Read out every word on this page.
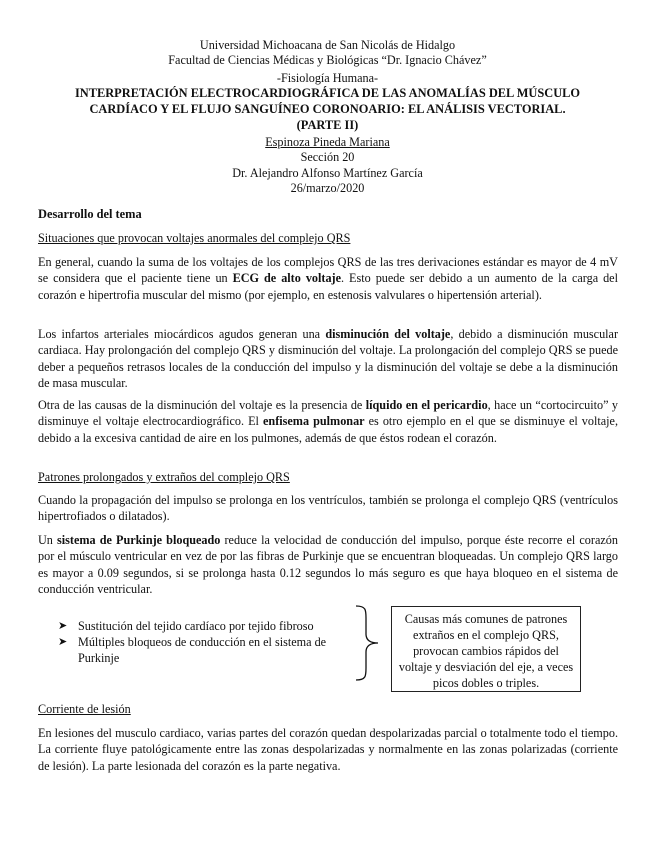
Universidad Michoacana de San Nicolás de Hidalgo
Facultad de Ciencias Médicas y Biológicas “Dr. Ignacio Chávez”
-Fisiología Humana-
INTERPRETACIÓN ELECTROCARDIOGRÁFICA DE LAS ANOMALÍAS DEL MÚSCULO
CARDÍACO Y EL FLUJO SANGUÍNEO CORONOARIO: EL ANÁLISIS VECTORIAL.
(PARTE II)
Espinoza Pineda Mariana
Sección 20
Dr. Alejandro Alfonso Martínez García
26/marzo/2020
Desarrollo del tema
Situaciones que provocan voltajes anormales del complejo QRS
En general, cuando la suma de los voltajes de los complejos QRS de las tres derivaciones estándar es mayor de 4 mV se considera que el paciente tiene un ECG de alto voltaje. Esto puede ser debido a un aumento de la carga del corazón e hipertrofia muscular del mismo (por ejemplo, en estenosis valvulares o hipertensión arterial).
Los infartos arteriales miocárdicos agudos generan una disminución del voltaje, debido a disminución muscular cardiaca. Hay prolongación del complejo QRS y disminución del voltaje. La prolongación del complejo QRS se puede deber a pequeños retrasos locales de la conducción del impulso y la disminución del voltaje se debe a la disminución de masa muscular.
Otra de las causas de la disminución del voltaje es la presencia de líquido en el pericardio, hace un “cortocircuito” y disminuye el voltaje electrocardiográfico. El enfisema pulmonar es otro ejemplo en el que se disminuye el voltaje, debido a la excesiva cantidad de aire en los pulmones, además de que éstos rodean el corazón.
Patrones prolongados y extraños del complejo QRS
Cuando la propagación del impulso se prolonga en los ventrículos, también se prolonga el complejo QRS (ventrículos hipertrofiados o dilatados).
Un sistema de Purkinje bloqueado reduce la velocidad de conducción del impulso, porque éste recorre el corazón por el músculo ventricular en vez de por las fibras de Purkinje que se encuentran bloqueadas. Un complejo QRS largo es mayor a 0.09 segundos, si se prolonga hasta 0.12 segundos lo más seguro es que haya bloqueo en el sistema de conducción ventricular.
➤ Sustitución del tejido cardíaco por tejido fibroso
➤ Múltiples bloqueos de conducción en el sistema de Purkinje
Causas más comunes de patrones extraños en el complejo QRS, provocan cambios rápidos del voltaje y desviación del eje, a veces picos dobles o triples.
Corriente de lesión
En lesiones del musculo cardiaco, varias partes del corazón quedan despolarizadas parcial o totalmente todo el tiempo. La corriente fluye patológicamente entre las zonas despolarizadas y normalmente en las zonas polarizadas (corriente de lesión). La parte lesionada del corazón es la parte negativa.
